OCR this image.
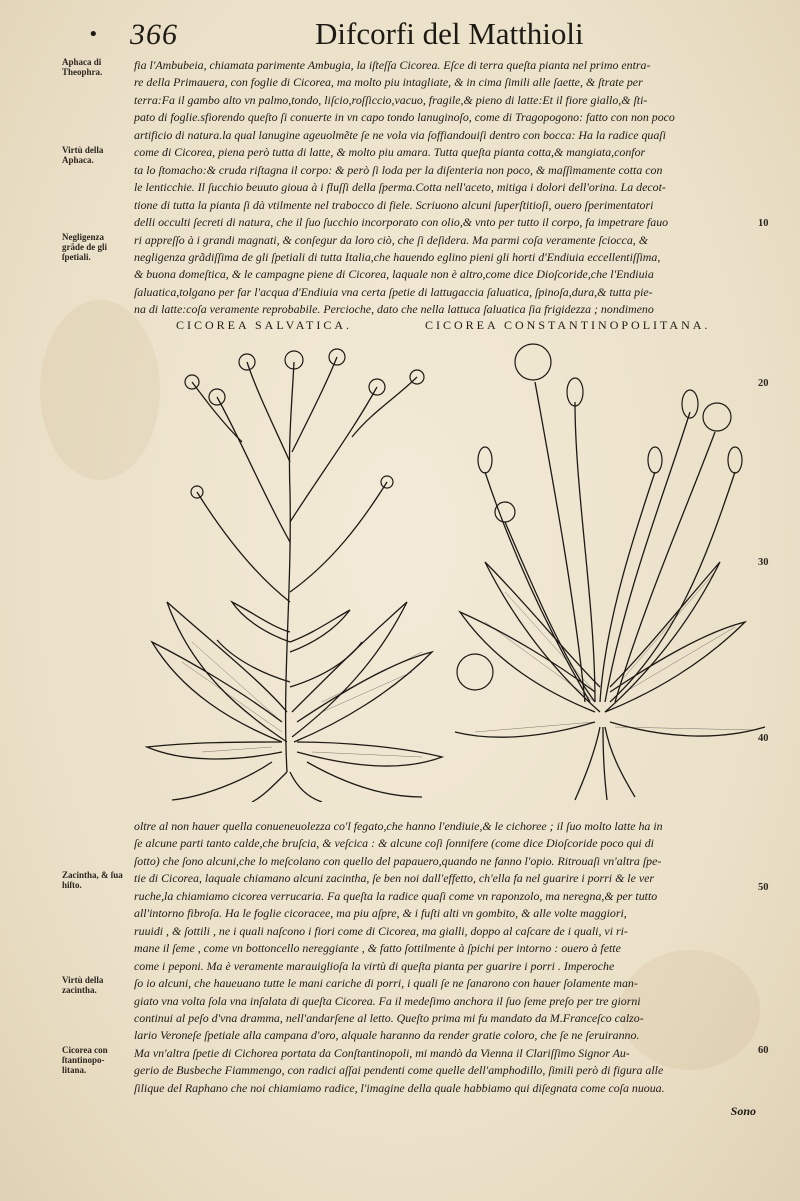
• 366	Difcorfi del Matthioli
Aphaca di Theophra.
Virtù della Aphaca.
Negligenza grãde de gli ſpetiali.
Zacintha, & ſua hiſto.
Virtù della zacintha.
Cicorea con ſtantinopo-litana.
10
20
30
40
50
60

fia l'Ambubeia, chiamata parimente Ambugia, la iſteſſa Cicorea. Eſce di terra queſta pianta nel primo entra-

re della Primauera, con foglie di Cicorea, ma molto piu intagliate, & in cima ſimili alle ſaette, & ſtrate per

terra:Fa il gambo alto vn palmo,tondo, liſcio,roſſiccio,vacuo, fragile,& pieno di latte:Et il fiore giallo,& ſti-

pato di foglie.sfiorendo queſto ſi conuerte in vn capo tondo lanuginoſo, come di Tragopogono: fatto con non poco

artificio di natura.la qual lanugine ageuolmẽte ſe ne vola via ſoffiandouiſi dentro con bocca: Ha la radice quaſi

come di Cicorea, piena però tutta di latte, & molto piu amara. Tutta queſta pianta cotta,& mangiata,confor

ta lo ſtomacho:& cruda riſtagna il corpo: & però ſi loda per la diſenteria non poco, & maſſimamente cotta con

le lenticchie. Il ſucchio beuuto gioua à i fluſſi della ſperma.Cotta nell'aceto, mitiga i dolori dell'orina. La decot-

tione di tutta la pianta ſi dà vtilmente nel trabocco di fiele. Scriuono alcuni ſuperſtitioſi, ouero ſperimentatori

delli occulti ſecreti di natura, che il ſuo ſucchio incorporato con olio,& vnto per tutto il corpo, fa impetrare fauo

ri appreſſo à i grandi magnati, & conſegur da loro ciò, che ſi deſidera. Ma parmi coſa veramente ſciocca, &

negligenza grãdiſſima de gli ſpetiali di tutta Italia,che hauendo eglino pieni gli horti d'Endiuia eccellentiſſima,

& buona domeſtica, & le campagne piene di Cicorea, laquale non è altro,come dice Dioſcoride,che l'Endiuia

ſaluatica,tolgano per far l'acqua d'Endiuia vna certa ſpetie di lattugaccia ſaluatica, ſpinoſa,dura,& tutta pie-

na di latte:coſa veramente reprobabile. Percioche, dato che nella lattuca ſaluatica ſia frigidezza ; nondimeno

CICOREA SALVATICA.	CICOREA CONSTANTINOPOLITANA.

oltre al non hauer quella conueneuolezza co'l fegato,che hanno l'endiuie,& le cichoree ; il ſuo molto latte ha in

ſe alcune parti tanto calde,che bruſcia, & veſcica : & alcune coſi ſonnifere (come dice Dioſcoride poco qui di

ſotto) che ſono alcuni,che lo meſcolano con quello del papauero,quando ne fanno l'opio. Ritrouaſi vn'altra ſpe-

tie di Cicorea, laquale chiamano alcuni zacintha, ſe ben noi dall'effetto, ch'ella fa nel guarire i porri & le ver

ruche,la chiamiamo cicorea verrucaria. Fa queſta la radice quaſi come vn raponzolo, ma neregna,& per tutto

all'intorno fibroſa. Ha le foglie cicoracee, ma piu aſpre, & i fuſti alti vn gombito, & alle volte maggiori,

ruuidi , & ſottili , ne i quali naſcono i fiori come di Cicorea, ma gialli, doppo al caſcare de i quali, vi ri-

mane il ſeme , come vn bottoncello nereggiante , & fatto ſottilmente à ſpichi per intorno : ouero à fette

come i peponi. Ma è veramente marauiglioſa la virtù di queſta pianta per guarire i porri . Imperoche

ſo io alcuni, che haueuano tutte le mani cariche di porri, i quali ſe ne ſanarono con hauer ſolamente man-

giato vna volta ſola vna inſalata di queſta Cicorea. Fa il medeſimo anchora il ſuo ſeme preſo per tre giorni

continui al peſo d'vna dramma, nell'andarſene al letto. Queſto prima mi fu mandato da M.Franceſco calzo-

lario Veroneſe ſpetiale alla campana d'oro, alquale haranno da render gratie coloro, che ſe ne ſeruiranno.

Ma vn'altra ſpetie di Cichorea portata da Conſtantinopoli, mi mandò da Vienna il Clariſſimo Signor Au-

gerio de Busbeche Fiammengo, con radici aſſai pendenti come quelle dell'amphodillo, ſimili però di figura alle

ſilique del Raphano che noi chiamiamo radice, l'imagine della quale habbiamo qui diſegnata come coſa nuoua.

Sono
